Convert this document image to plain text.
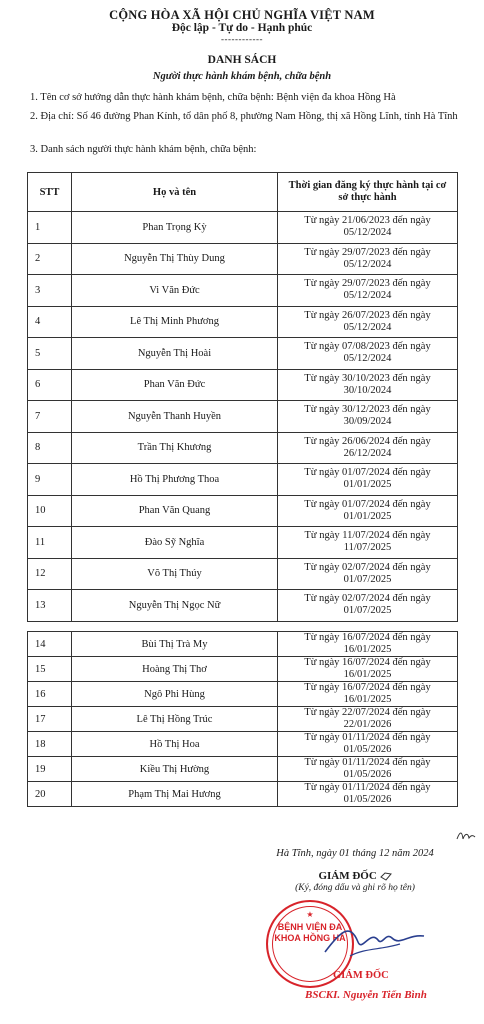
CỘNG HÒA XÃ HỘI CHỦ NGHĨA VIỆT NAM
Độc lập - Tự do - Hạnh phúc
------------
DANH SÁCH
Người thực hành khám bệnh, chữa bệnh
1. Tên cơ sở hướng dẫn thực hành khám bệnh, chữa bệnh: Bệnh viện đa khoa Hồng Hà
2. Địa chỉ: Số 46 đường Phan Kính, tổ dân phố 8, phường Nam Hồng, thị xã Hồng Lĩnh, tỉnh Hà Tĩnh
3. Danh sách người thực hành khám bệnh, chữa bệnh:
STT	Họ và tên	Thời gian đăng ký thực hành tại cơ sở thực hành
1	Phan Trọng Kỳ	Từ ngày 21/06/2023 đến ngày
05/12/2024

2	Nguyễn Thị Thùy Dung	Từ ngày 29/07/2023 đến ngày
05/12/2024

3	Vi Văn Đức	Từ ngày 29/07/2023 đến ngày
05/12/2024

4	Lê Thị Minh Phương	Từ ngày 26/07/2023 đến ngày
05/12/2024

5	Nguyễn Thị Hoài	Từ ngày 07/08/2023 đến ngày
05/12/2024

6	Phan Văn Đức	Từ ngày 30/10/2023 đến ngày
30/10/2024

7	Nguyễn Thanh Huyền	Từ ngày 30/12/2023 đến ngày
30/09/2024

8	Trần Thị Khương	Từ ngày 26/06/2024 đến ngày
26/12/2024

9	Hồ Thị Phương Thoa	Từ ngày 01/07/2024 đến ngày
01/01/2025

10	Phan Văn Quang	Từ ngày 01/07/2024 đến ngày
01/01/2025

11	Đào Sỹ Nghĩa	Từ ngày 11/07/2024 đến ngày
11/07/2025

12	Võ Thị Thúy	Từ ngày 02/07/2024 đến ngày
01/07/2025

13	Nguyễn Thị Ngọc Nữ	Từ ngày 02/07/2024 đến ngày
01/07/2025
14	Bùi Thị Trà My	Từ ngày 16/07/2024 đến ngày
16/01/2025

15	Hoàng Thị Thơ	Từ ngày 16/07/2024 đến ngày
16/01/2025

16	Ngô Phi Hùng	Từ ngày 16/07/2024 đến ngày
16/01/2025

17	Lê Thị Hồng Trúc	Từ ngày 22/07/2024 đến ngày
22/01/2026

18	Hồ Thị Hoa	Từ ngày 01/11/2024 đến ngày
01/05/2026

19	Kiều Thị Hường	Từ ngày 01/11/2024 đến ngày
01/05/2026

20	Phạm Thị Mai Hương	Từ ngày 01/11/2024 đến ngày
01/05/2026
Hà Tĩnh, ngày 01 tháng 12 năm 2024
GIÁM ĐỐC
(Ký, đóng dấu và ghi rõ họ tên)
★
BỆNH VIỆN ĐA KHOA HỒNG HÀ
GIÁM ĐỐC
BSCKI. Nguyễn Tiến Bình
